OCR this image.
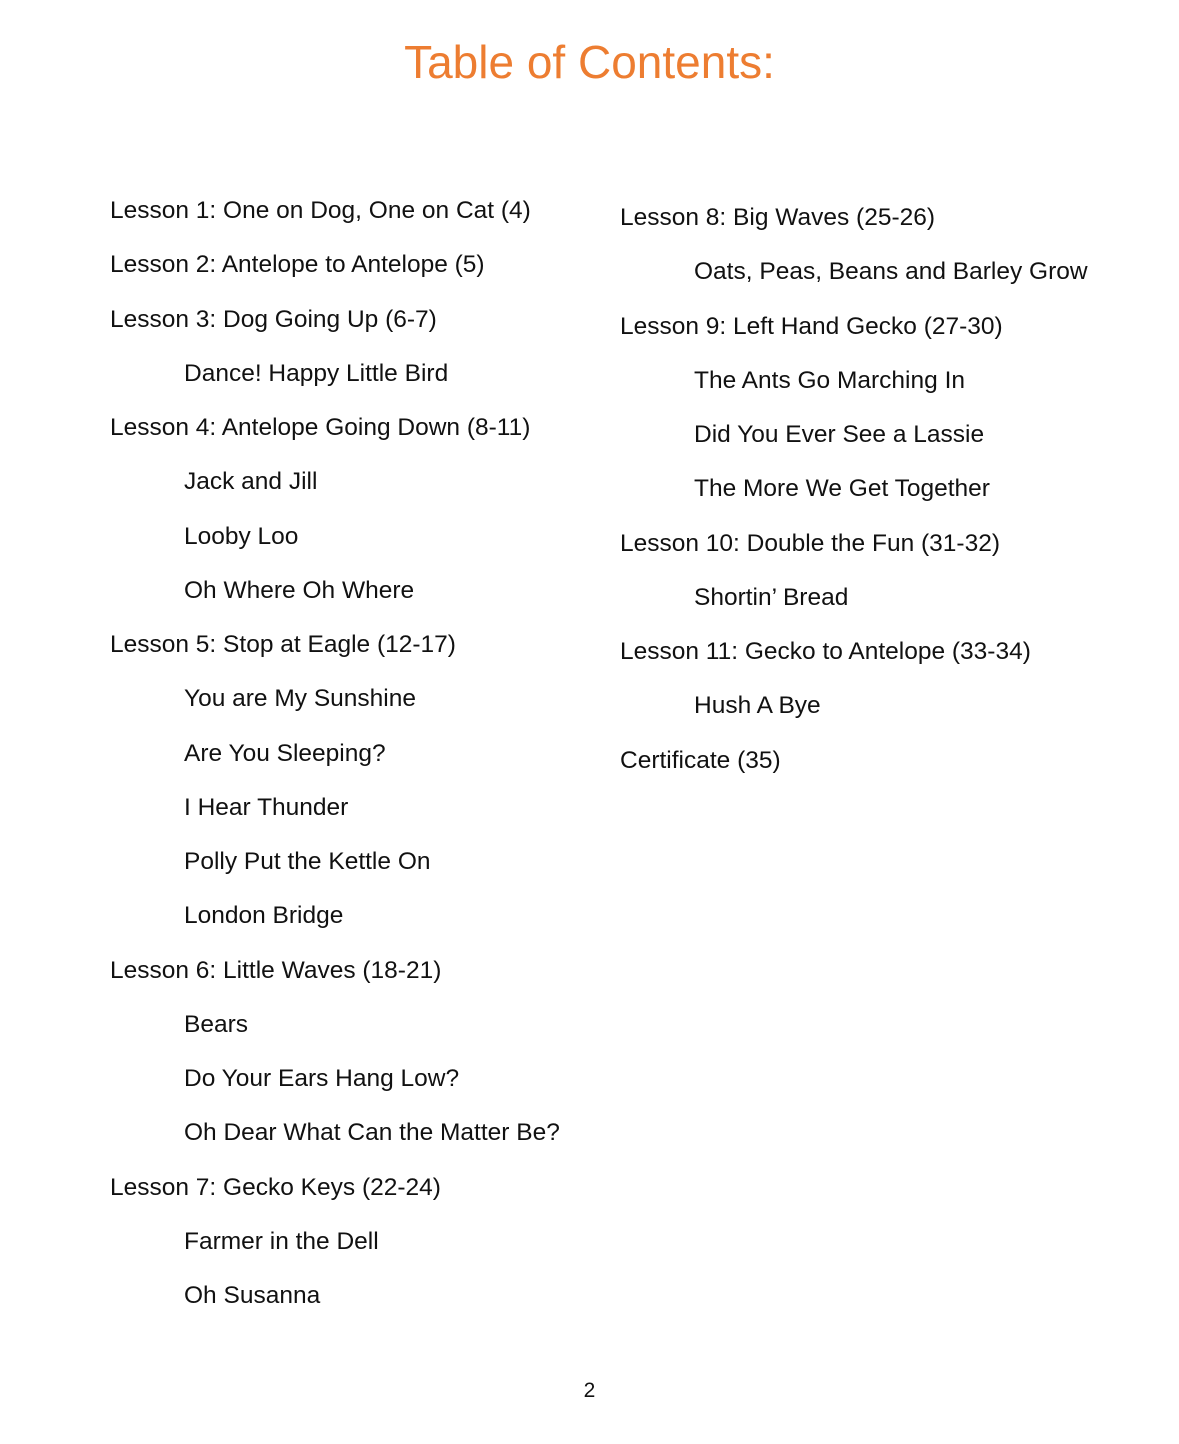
Table of Contents:
Lesson 1: One on Dog, One on Cat (4)
Lesson 2: Antelope to Antelope (5)
Lesson 3: Dog Going Up (6-7)
Dance! Happy Little Bird
Lesson 4: Antelope Going Down (8-11)
Jack and Jill
Looby Loo
Oh Where Oh Where
Lesson 5: Stop at Eagle (12-17)
You are My Sunshine
Are You Sleeping?
I Hear Thunder
Polly Put the Kettle On
London Bridge
Lesson 6: Little Waves (18-21)
Bears
Do Your Ears Hang Low?
Oh Dear What Can the Matter Be?
Lesson 7: Gecko Keys (22-24)
Farmer in the Dell
Oh Susanna
Lesson 8: Big Waves (25-26)
Oats, Peas, Beans and Barley Grow
Lesson 9: Left Hand Gecko (27-30)
The Ants Go Marching In
Did You Ever See a Lassie
The More We Get Together
Lesson 10: Double the Fun (31-32)
Shortin’ Bread
Lesson 11: Gecko to Antelope (33-34)
Hush A Bye
Certificate (35)
2
